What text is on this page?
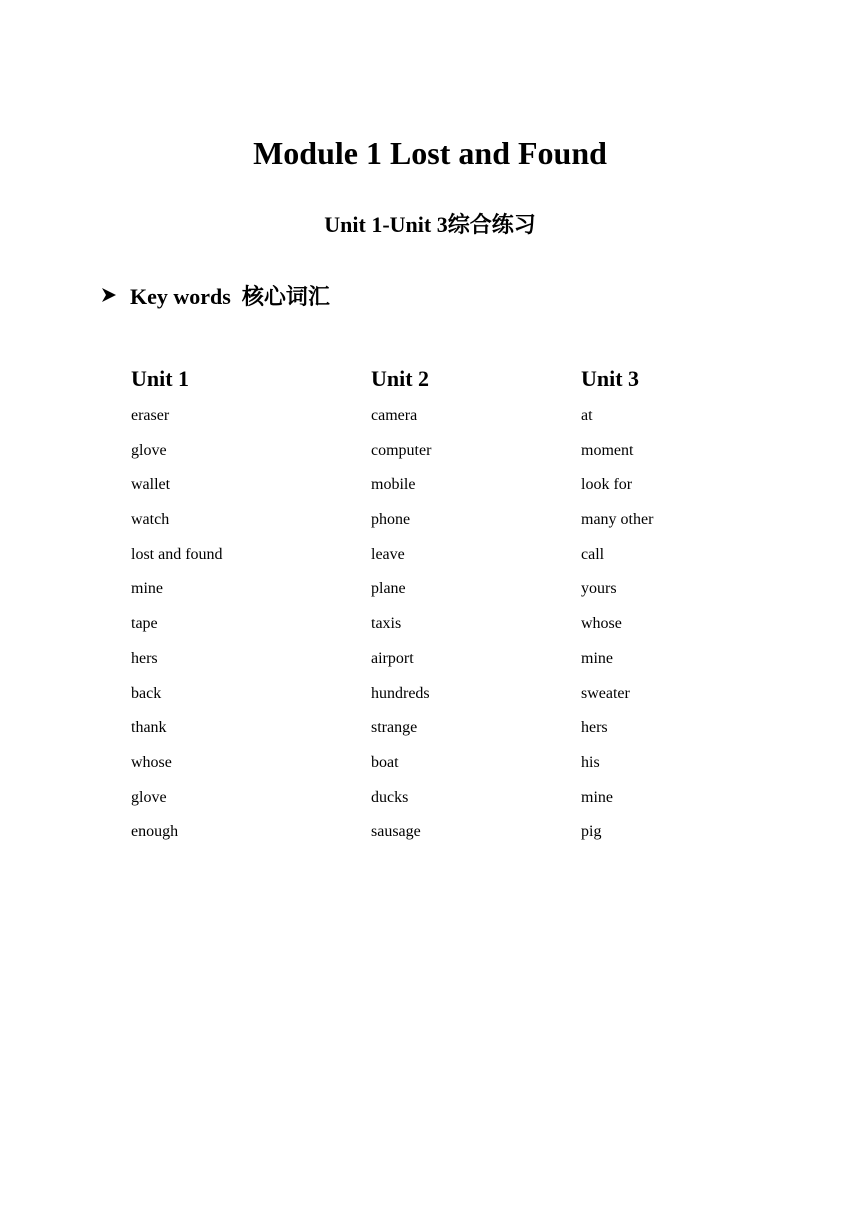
Module 1 Lost and Found
Unit 1-Unit 3综合练习
Key words  核心词汇
Unit 1
eraser
glove
wallet
watch
lost and found
mine
tape
hers
back
thank
whose
glove
enough
Unit 2
camera
computer
mobile
phone
leave
plane
taxis
airport
hundreds
strange
boat
ducks
sausage
Unit 3
at
moment
look for
many other
call
yours
whose
mine
sweater
hers
his
mine
pig
